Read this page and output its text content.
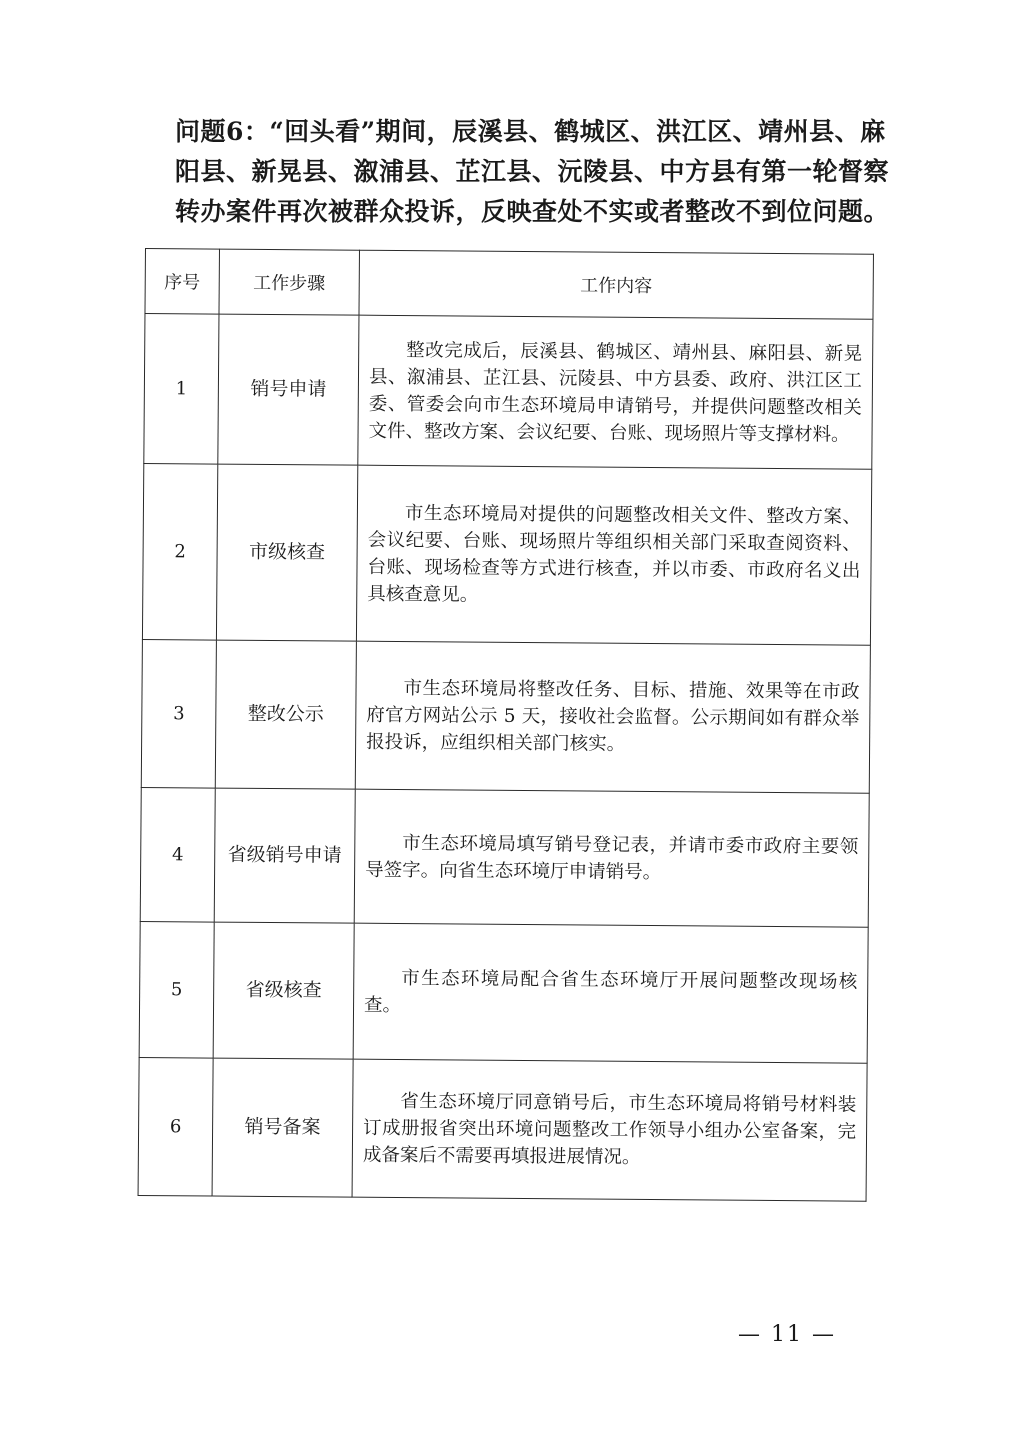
问题6：“回头看”期间，辰溪县、鹤城区、洪江区、靖州县、麻阳县、新晃县、溆浦县、芷江县、沅陵县、中方县有第一轮督察转办案件再次被群众投诉，反映查处不实或者整改不到位问题。

序号	工作步骤	工作内容
1	销号申请	整改完成后，辰溪县、鹤城区、靖州县、麻阳县、新晃县、溆浦县、芷江县、沅陵县、中方县委、政府、洪江区工委、管委会向市生态环境局申请销号，并提供问题整改相关文件、整改方案、会议纪要、台账、现场照片等支撑材料。
2	市级核查	市生态环境局对提供的问题整改相关文件、整改方案、会议纪要、台账、现场照片等组织相关部门采取查阅资料、台账、现场检查等方式进行核查，并以市委、市政府名义出具核查意见。
3	整改公示	市生态环境局将整改任务、目标、措施、效果等在市政府官方网站公示 5 天，接收社会监督。公示期间如有群众举报投诉，应组织相关部门核实。
4	省级销号申请	市生态环境局填写销号登记表，并请市委市政府主要领导签字。向省生态环境厅申请销号。
5	省级核查	市生态环境局配合省生态环境厅开展问题整改现场核查。
6	销号备案	省生态环境厅同意销号后，市生态环境局将销号材料装订成册报省突出环境问题整改工作领导小组办公室备案，完成备案后不需要再填报进展情况。

— 11 —
